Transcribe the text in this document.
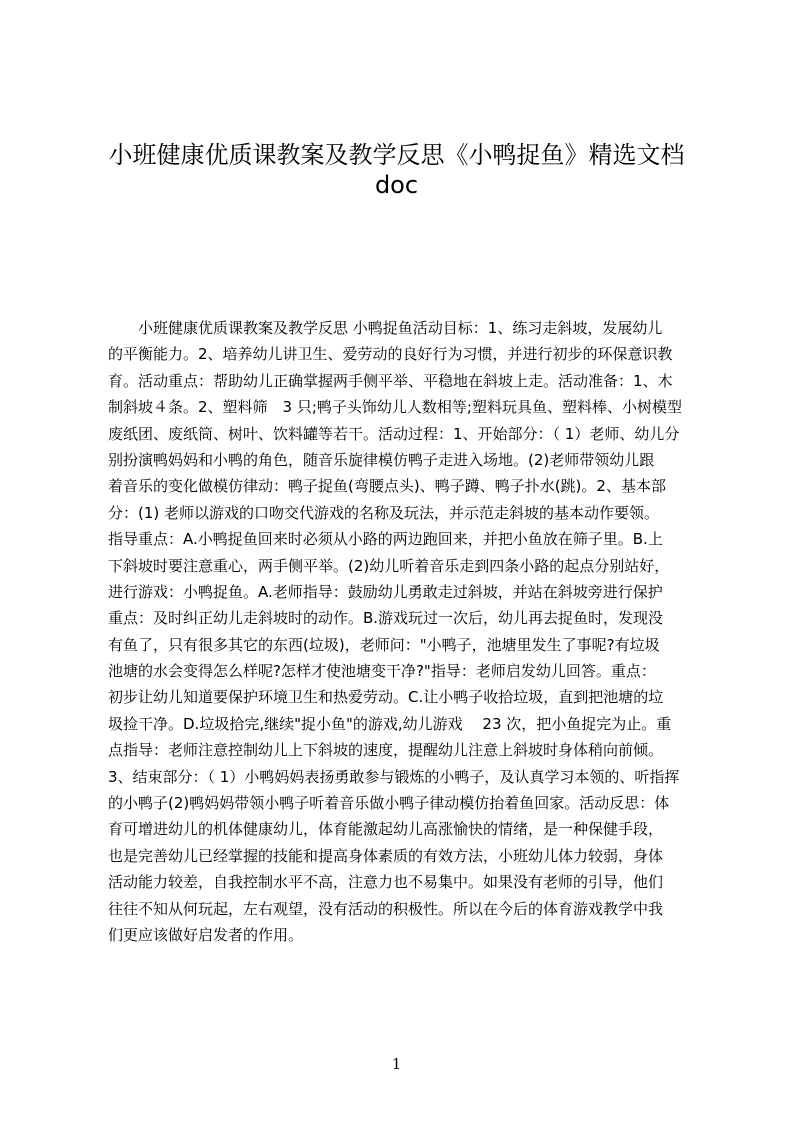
小班健康优质课教案及教学反思《小鸭捉鱼》精选文档
doc
　　小班健康优质课教案及教学反思 小鸭捉鱼活动目标：1、练习走斜坡，发展幼儿
的平衡能力。2、培养幼儿讲卫生、爱劳动的良好行为习惯，并进行初步的环保意识教
育。活动重点：帮助幼儿正确掌握两手侧平举、平稳地在斜坡上走。活动准备：1、木
制斜坡４条。2、塑料筛　3 只;鸭子头饰幼儿人数相等;塑料玩具鱼、塑料棒、小树模型
废纸团、废纸筒、树叶、饮料罐等若干。活动过程：1、开始部分：（ 1）老师、幼儿分
别扮演鸭妈妈和小鸭的角色，随音乐旋律模仿鸭子走进入场地。(2)老师带领幼儿跟
着音乐的变化做模仿律动：鸭子捉鱼(弯腰点头)、鸭子蹲、鸭子扑水(跳)。2、基本部
分：(1) 老师以游戏的口吻交代游戏的名称及玩法，并示范走斜坡的基本动作要领。
指导重点：A.小鸭捉鱼回来时必须从小路的两边跑回来，并把小鱼放在筛子里。B.上
下斜坡时要注意重心，两手侧平举。(2)幼儿听着音乐走到四条小路的起点分别站好，
进行游戏：小鸭捉鱼。A.老师指导：鼓励幼儿勇敢走过斜坡，并站在斜坡旁进行保护
重点：及时纠正幼儿走斜坡时的动作。B.游戏玩过一次后，幼儿再去捉鱼时，发现没
有鱼了，只有很多其它的东西(垃圾)，老师问："小鸭子，池塘里发生了事呢?有垃圾
池塘的水会变得怎么样呢?怎样才使池塘变干净?"指导：老师启发幼儿回答。重点：
初步让幼儿知道要保护环境卫生和热爱劳动。C.让小鸭子收拾垃圾，直到把池塘的垃
圾捡干净。D.垃圾拾完,继续"捉小鱼"的游戏,幼儿游戏　 23 次，把小鱼捉完为止。重
点指导：老师注意控制幼儿上下斜坡的速度，提醒幼儿注意上斜坡时身体稍向前倾。
3、结束部分：（ 1）小鸭妈妈表扬勇敢参与锻炼的小鸭子，及认真学习本领的、听指挥
的小鸭子(2)鸭妈妈带领小鸭子听着音乐做小鸭子律动模仿抬着鱼回家。活动反思：体
育可增进幼儿的机体健康幼儿，体育能激起幼儿高涨愉快的情绪，是一种保健手段，
也是完善幼儿已经掌握的技能和提高身体素质的有效方法，小班幼儿体力较弱，身体
活动能力较差，自我控制水平不高，注意力也不易集中。如果没有老师的引导，他们
往往不知从何玩起，左右观望，没有活动的积极性。所以在今后的体育游戏教学中我
们更应该做好启发者的作用。
1
